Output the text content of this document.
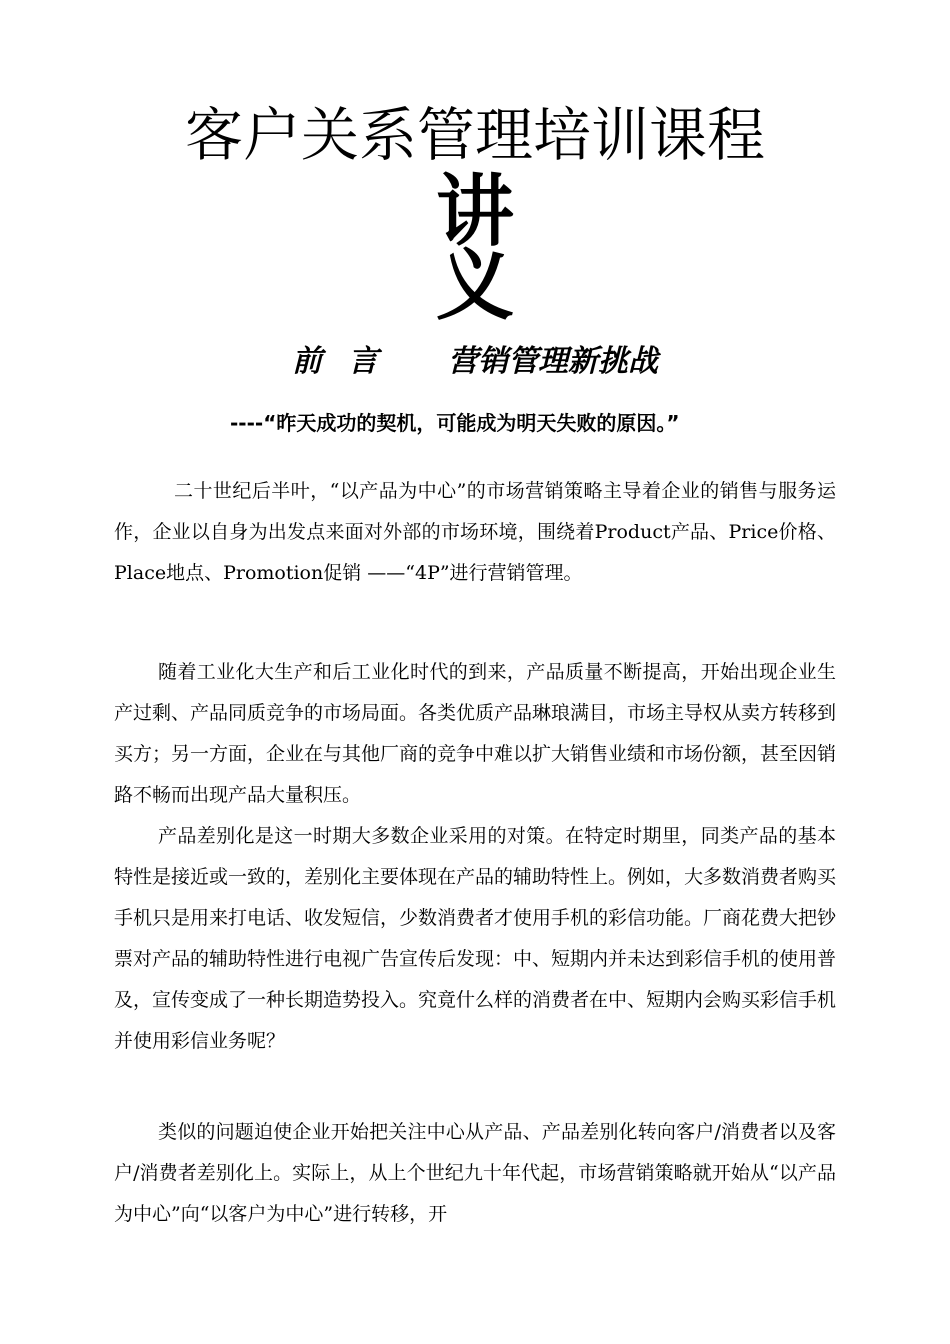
客户关系管理培训课程
讲
义
前 言 营销管理新挑战
----“昨天成功的契机，可能成为明天失败的原因。”

二十世纪后半叶，“以产品为中心”的市场营销策略主导着企业的销售与服务运作，企业以自身为出发点来面对外部的市场环境，围绕着Product产品、Price价格、Place地点、Promotion促销 ——“4P”进行营销管理。

随着工业化大生产和后工业化时代的到来，产品质量不断提高，开始出现企业生产过剩、产品同质竞争的市场局面。各类优质产品琳琅满目，市场主导权从卖方转移到买方；另一方面，企业在与其他厂商的竞争中难以扩大销售业绩和市场份额，甚至因销路不畅而出现产品大量积压。

产品差别化是这一时期大多数企业采用的对策。在特定时期里，同类产品的基本特性是接近或一致的，差别化主要体现在产品的辅助特性上。例如，大多数消费者购买手机只是用来打电话、收发短信，少数消费者才使用手机的彩信功能。厂商花费大把钞票对产品的辅助特性进行电视广告宣传后发现：中、短期内并未达到彩信手机的使用普及，宣传变成了一种长期造势投入。究竟什么样的消费者在中、短期内会购买彩信手机并使用彩信业务呢？

类似的问题迫使企业开始把关注中心从产品、产品差别化转向客户/消费者以及客户/消费者差别化上。实际上，从上个世纪九十年代起，市场营销策略就开始从“以产品为中心”向“以客户为中心”进行转移，开
